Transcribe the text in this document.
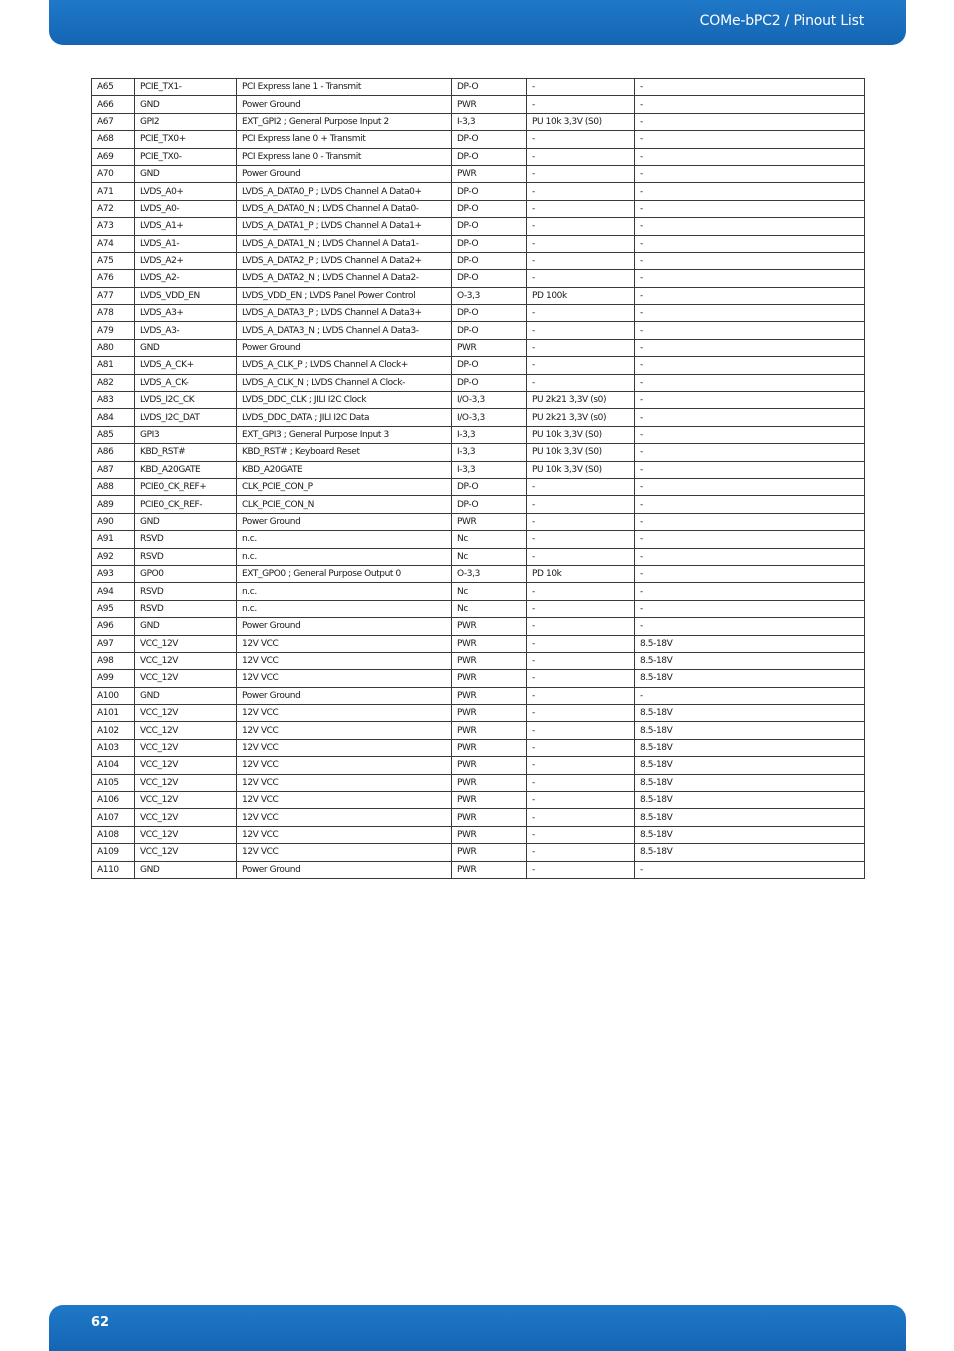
COMe-bPC2 / Pinout List
A65	PCIE_TX1-	PCI Express lane 1 - Transmit	DP-O	-	-
A66	GND	Power Ground	PWR	-	-
A67	GPI2	EXT_GPI2 ; General Purpose Input 2	I-3,3	PU 10k 3,3V (S0)	-
A68	PCIE_TX0+	PCI Express lane 0 + Transmit	DP-O	-	-
A69	PCIE_TX0-	PCI Express lane 0 - Transmit	DP-O	-	-
A70	GND	Power Ground	PWR	-	-
A71	LVDS_A0+	LVDS_A_DATA0_P ; LVDS Channel A Data0+	DP-O	-	-
A72	LVDS_A0-	LVDS_A_DATA0_N ; LVDS Channel A Data0-	DP-O	-	-
A73	LVDS_A1+	LVDS_A_DATA1_P ; LVDS Channel A Data1+	DP-O	-	-
A74	LVDS_A1-	LVDS_A_DATA1_N ; LVDS Channel A Data1-	DP-O	-	-
A75	LVDS_A2+	LVDS_A_DATA2_P ; LVDS Channel A Data2+	DP-O	-	-
A76	LVDS_A2-	LVDS_A_DATA2_N ; LVDS Channel A Data2-	DP-O	-	-
A77	LVDS_VDD_EN	LVDS_VDD_EN ; LVDS Panel Power Control	O-3,3	PD 100k	-
A78	LVDS_A3+	LVDS_A_DATA3_P ; LVDS Channel A Data3+	DP-O	-	-
A79	LVDS_A3-	LVDS_A_DATA3_N ; LVDS Channel A Data3-	DP-O	-	-
A80	GND	Power Ground	PWR	-	-
A81	LVDS_A_CK+	LVDS_A_CLK_P ; LVDS Channel A Clock+	DP-O	-	-
A82	LVDS_A_CK-	LVDS_A_CLK_N ; LVDS Channel A Clock-	DP-O	-	-
A83	LVDS_I2C_CK	LVDS_DDC_CLK ; JILI I2C Clock	I/O-3,3	PU 2k21 3,3V (s0)	-
A84	LVDS_I2C_DAT	LVDS_DDC_DATA ; JILI I2C Data	I/O-3,3	PU 2k21 3,3V (s0)	-
A85	GPI3	EXT_GPI3 ; General Purpose Input 3	I-3,3	PU 10k 3,3V (S0)	-
A86	KBD_RST#	KBD_RST# ; Keyboard Reset	I-3,3	PU 10k 3,3V (S0)	-
A87	KBD_A20GATE	KBD_A20GATE	I-3,3	PU 10k 3,3V (S0)	-
A88	PCIE0_CK_REF+	CLK_PCIE_CON_P	DP-O	-	-
A89	PCIE0_CK_REF-	CLK_PCIE_CON_N	DP-O	-	-
A90	GND	Power Ground	PWR	-	-
A91	RSVD	n.c.	Nc	-	-
A92	RSVD	n.c.	Nc	-	-
A93	GPO0	EXT_GPO0 ; General Purpose Output 0	O-3,3	PD 10k	-
A94	RSVD	n.c.	Nc	-	-
A95	RSVD	n.c.	Nc	-	-
A96	GND	Power Ground	PWR	-	-
A97	VCC_12V	12V VCC	PWR	-	8.5-18V
A98	VCC_12V	12V VCC	PWR	-	8.5-18V
A99	VCC_12V	12V VCC	PWR	-	8.5-18V
A100	GND	Power Ground	PWR	-	-
A101	VCC_12V	12V VCC	PWR	-	8.5-18V
A102	VCC_12V	12V VCC	PWR	-	8.5-18V
A103	VCC_12V	12V VCC	PWR	-	8.5-18V
A104	VCC_12V	12V VCC	PWR	-	8.5-18V
A105	VCC_12V	12V VCC	PWR	-	8.5-18V
A106	VCC_12V	12V VCC	PWR	-	8.5-18V
A107	VCC_12V	12V VCC	PWR	-	8.5-18V
A108	VCC_12V	12V VCC	PWR	-	8.5-18V
A109	VCC_12V	12V VCC	PWR	-	8.5-18V
A110	GND	Power Ground	PWR	-	-
62
